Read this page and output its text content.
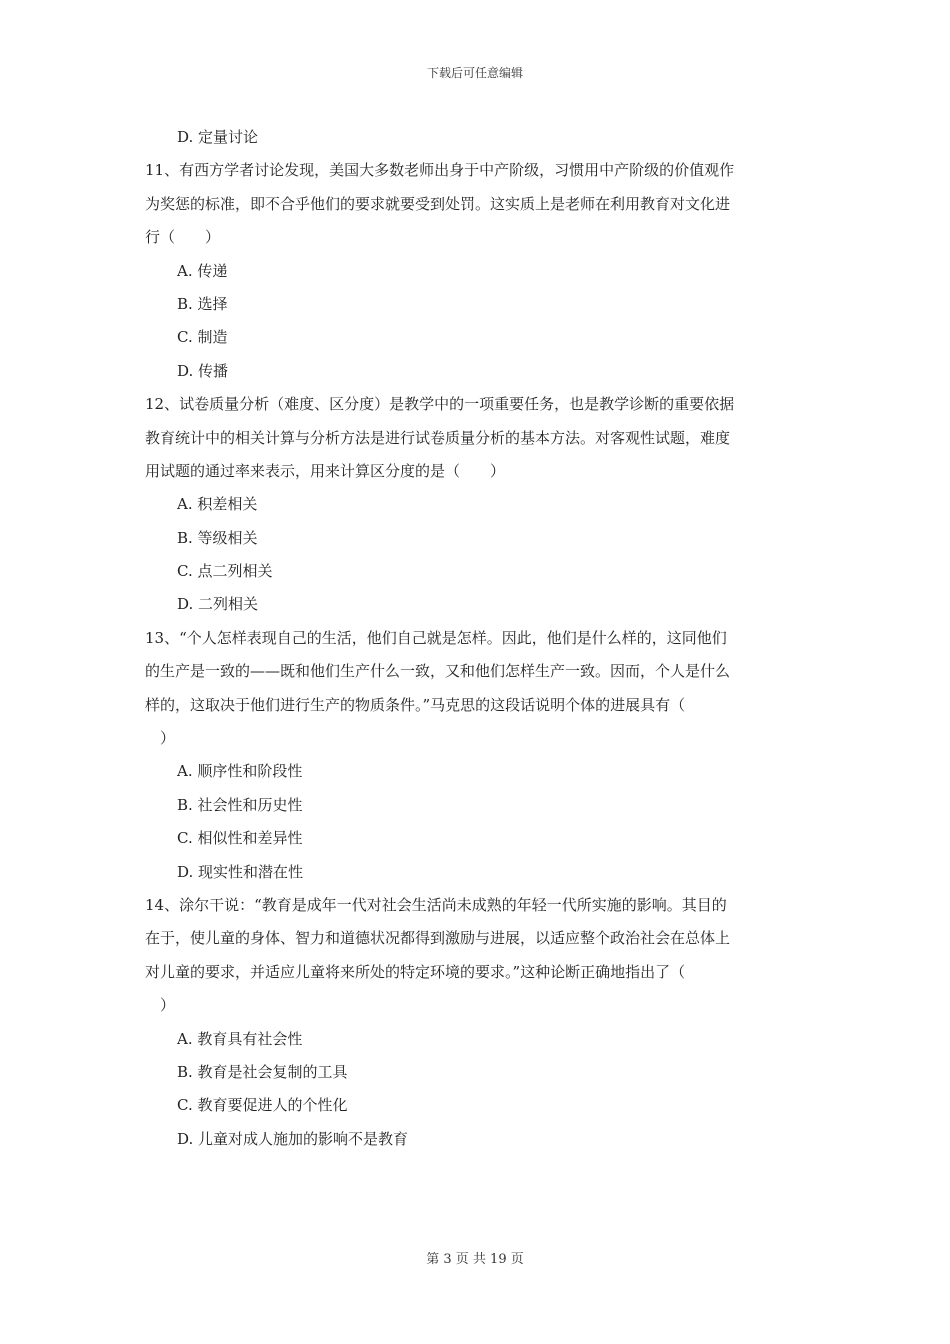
下载后可任意编辑
D. 定量讨论
11、有西方学者讨论发现，美国大多数老师出身于中产阶级，习惯用中产阶级的价值观作
为奖惩的标准，即不合乎他们的要求就要受到处罚。这实质上是老师在利用教育对文化进
行（　　）
A. 传递
B. 选择
C. 制造
D. 传播
12、试卷质量分析（难度、区分度）是教学中的一项重要任务，也是教学诊断的重要依据
教育统计中的相关计算与分析方法是进行试卷质量分析的基本方法。对客观性试题，难度
用试题的通过率来表示，用来计算区分度的是（　　）
A. 积差相关
B. 等级相关
C. 点二列相关
D. 二列相关
13、“个人怎样表现自己的生活，他们自己就是怎样。因此，他们是什么样的，这同他们
的生产是一致的——既和他们生产什么一致，又和他们怎样生产一致。因而，个人是什么
样的，这取决于他们进行生产的物质条件。”马克思的这段话说明个体的进展具有（
　）
A. 顺序性和阶段性
B. 社会性和历史性
C. 相似性和差异性
D. 现实性和潜在性
14、涂尔干说：“教育是成年一代对社会生活尚未成熟的年轻一代所实施的影响。其目的
在于，使儿童的身体、智力和道德状况都得到激励与进展，以适应整个政治社会在总体上
对儿童的要求，并适应儿童将来所处的特定环境的要求。”这种论断正确地指出了（
　）
A. 教育具有社会性
B. 教育是社会复制的工具
C. 教育要促进人的个性化
D. 儿童对成人施加的影响不是教育
第 3 页 共 19 页
